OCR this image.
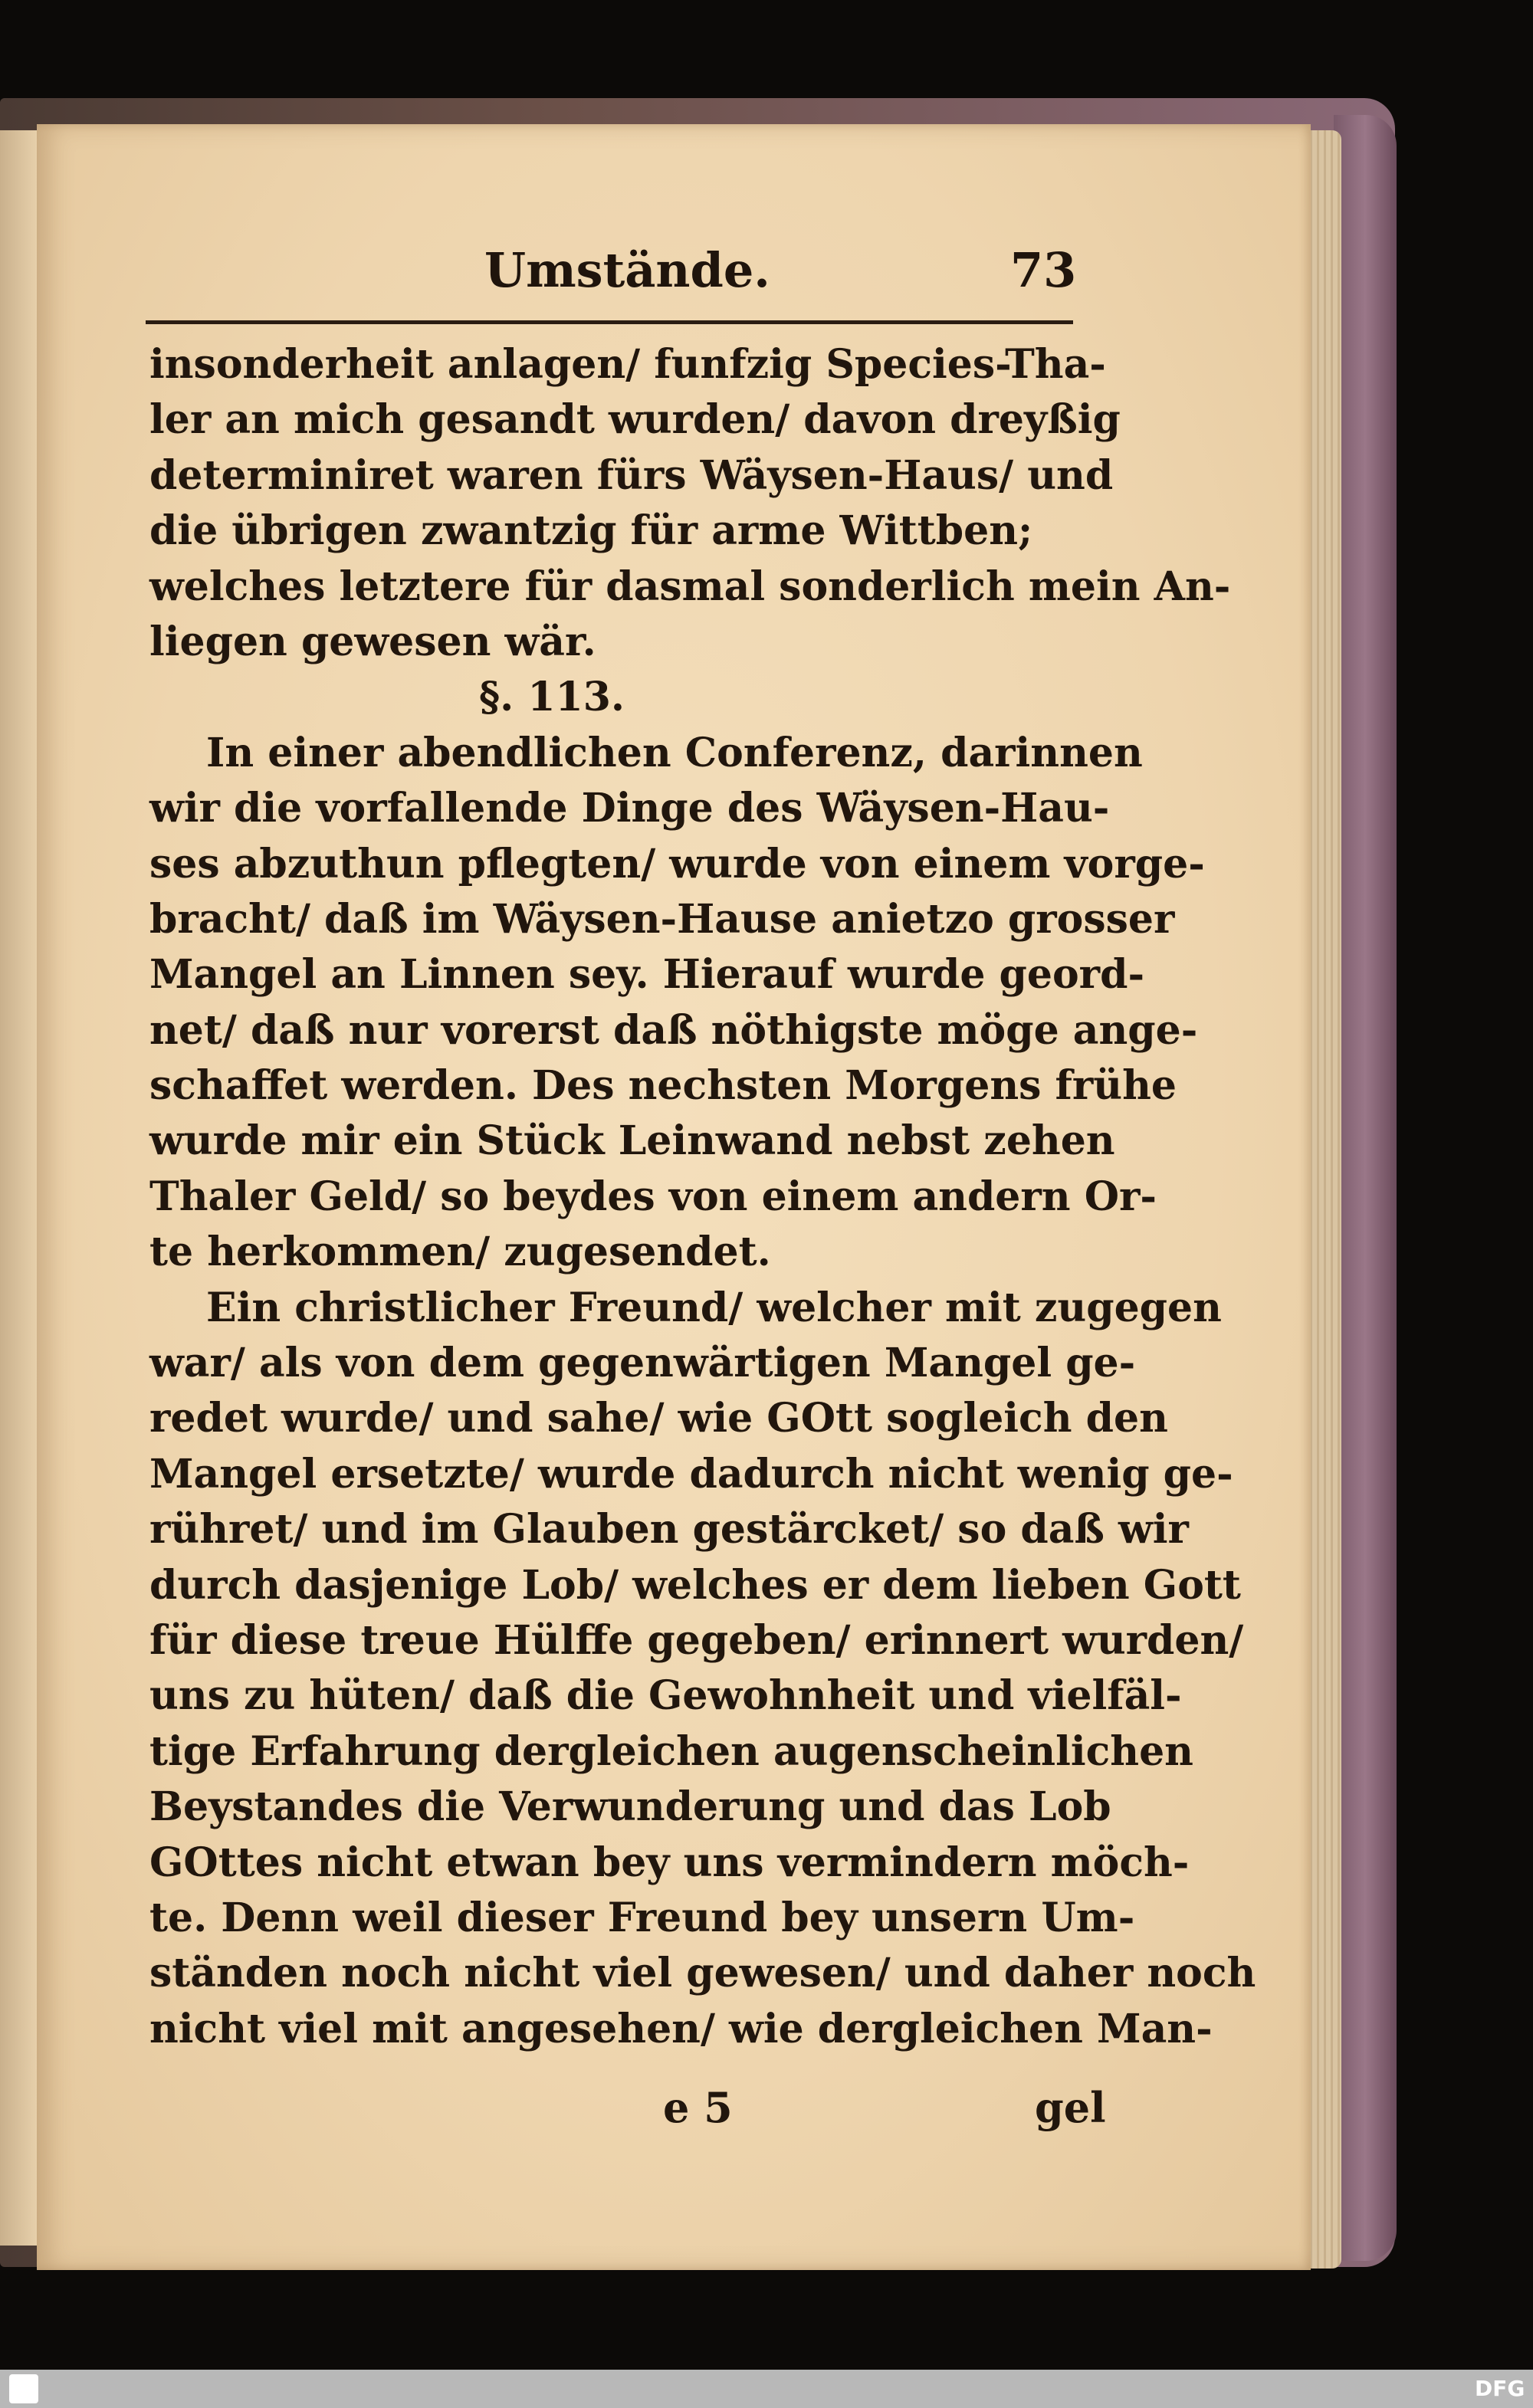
Umstände.	73
insonderheit anlagen/ funfzig Species-Tha-
ler an mich gesandt wurden/ davon dreyßig
determiniret waren fürs Wäysen-Haus/ und
die übrigen zwantzig für arme Wittben;
welches letztere für dasmal sonderlich mein An-
liegen gewesen wär.
§. 113.
In einer abendlichen Conferenz, darinnen
wir die vorfallende Dinge des Wäysen-Hau-
ses abzuthun pflegten/ wurde von einem vorge-
bracht/ daß im Wäysen-Hause anietzo grosser
Mangel an Linnen sey. Hierauf wurde geord-
net/ daß nur vorerst daß nöthigste möge ange-
schaffet werden. Des nechsten Morgens frühe
wurde mir ein Stück Leinwand nebst zehen
Thaler Geld/ so beydes von einem andern Or-
te herkommen/ zugesendet.
Ein christlicher Freund/ welcher mit zugegen
war/ als von dem gegenwärtigen Mangel ge-
redet wurde/ und sahe/ wie GOtt sogleich den
Mangel ersetzte/ wurde dadurch nicht wenig ge-
rühret/ und im Glauben gestärcket/ so daß wir
durch dasjenige Lob/ welches er dem lieben Gott
für diese treue Hülffe gegeben/ erinnert wurden/
uns zu hüten/ daß die Gewohnheit und vielfäl-
tige Erfahrung dergleichen augenscheinlichen
Beystandes die Verwunderung und das Lob
GOttes nicht etwan bey uns vermindern möch-
te. Denn weil dieser Freund bey unsern Um-
ständen noch nicht viel gewesen/ und daher noch
nicht viel mit angesehen/ wie dergleichen Man-
e 5	gel
DFG
